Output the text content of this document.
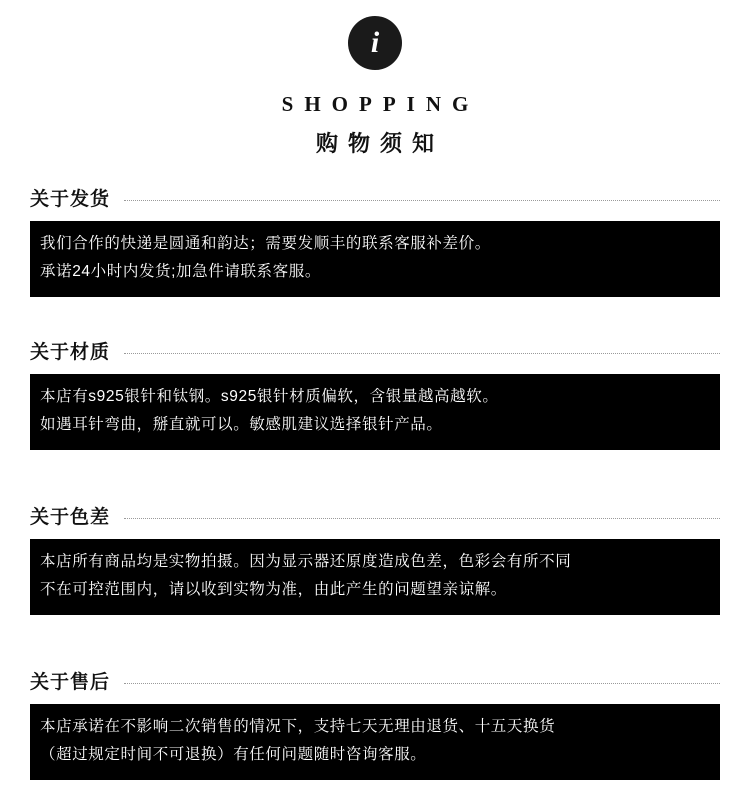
i
SHOPPING
购物须知
关于发货
我们合作的快递是圆通和韵达；需要发顺丰的联系客服补差价。
承诺24小时内发货;加急件请联系客服。
关于材质
本店有s925银针和钛钢。s925银针材质偏软，含银量越高越软。
如遇耳针弯曲，掰直就可以。敏感肌建议选择银针产品。
关于色差
本店所有商品均是实物拍摄。因为显示器还原度造成色差，色彩会有所不同
不在可控范围内，请以收到实物为准，由此产生的问题望亲谅解。
关于售后
本店承诺在不影响二次销售的情况下，支持七天无理由退货、十五天换货
（超过规定时间不可退换）有任何问题随时咨询客服。
